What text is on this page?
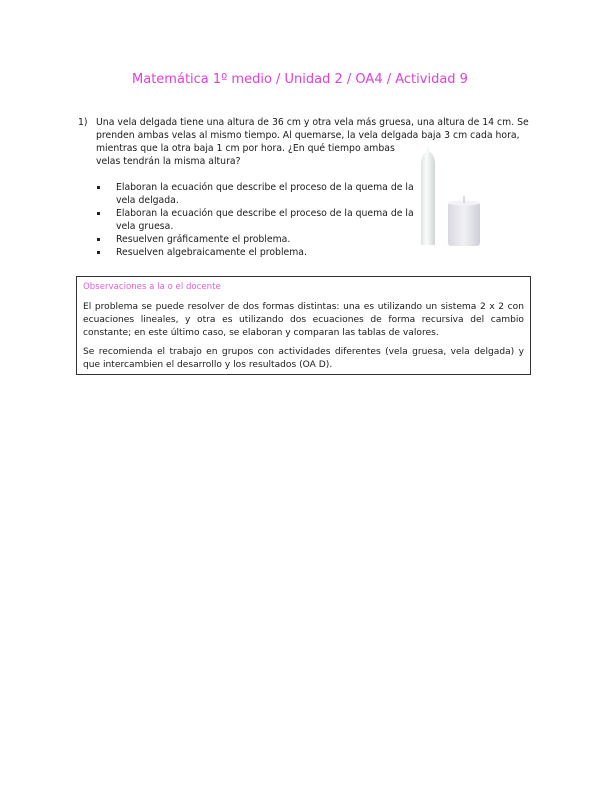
Matemática 1º medio / Unidad 2 / OA4 / Actividad 9
1) Una vela delgada tiene una altura de 36 cm y otra vela más gruesa, una altura de 14 cm. Se
prenden ambas velas al mismo tiempo. Al quemarse, la vela delgada baja 3 cm cada hora,
mientras que la otra baja 1 cm por hora. ¿En qué tiempo ambas
velas tendrán la misma altura?
Elaboran la ecuación que describe el proceso de la quema de la vela delgada.
Elaboran la ecuación que describe el proceso de la quema de la vela gruesa.
Resuelven gráficamente el problema.
Resuelven algebraicamente el problema.
Observaciones a la o el docente

El problema se puede resolver de dos formas distintas: una es utilizando un sistema 2 x 2 con ecuaciones lineales, y otra es utilizando dos ecuaciones de forma recursiva del cambio constante; en este último caso, se elaboran y comparan las tablas de valores.

Se recomienda el trabajo en grupos con actividades diferentes (vela gruesa, vela delgada) y que intercambien el desarrollo y los resultados (OA D).
